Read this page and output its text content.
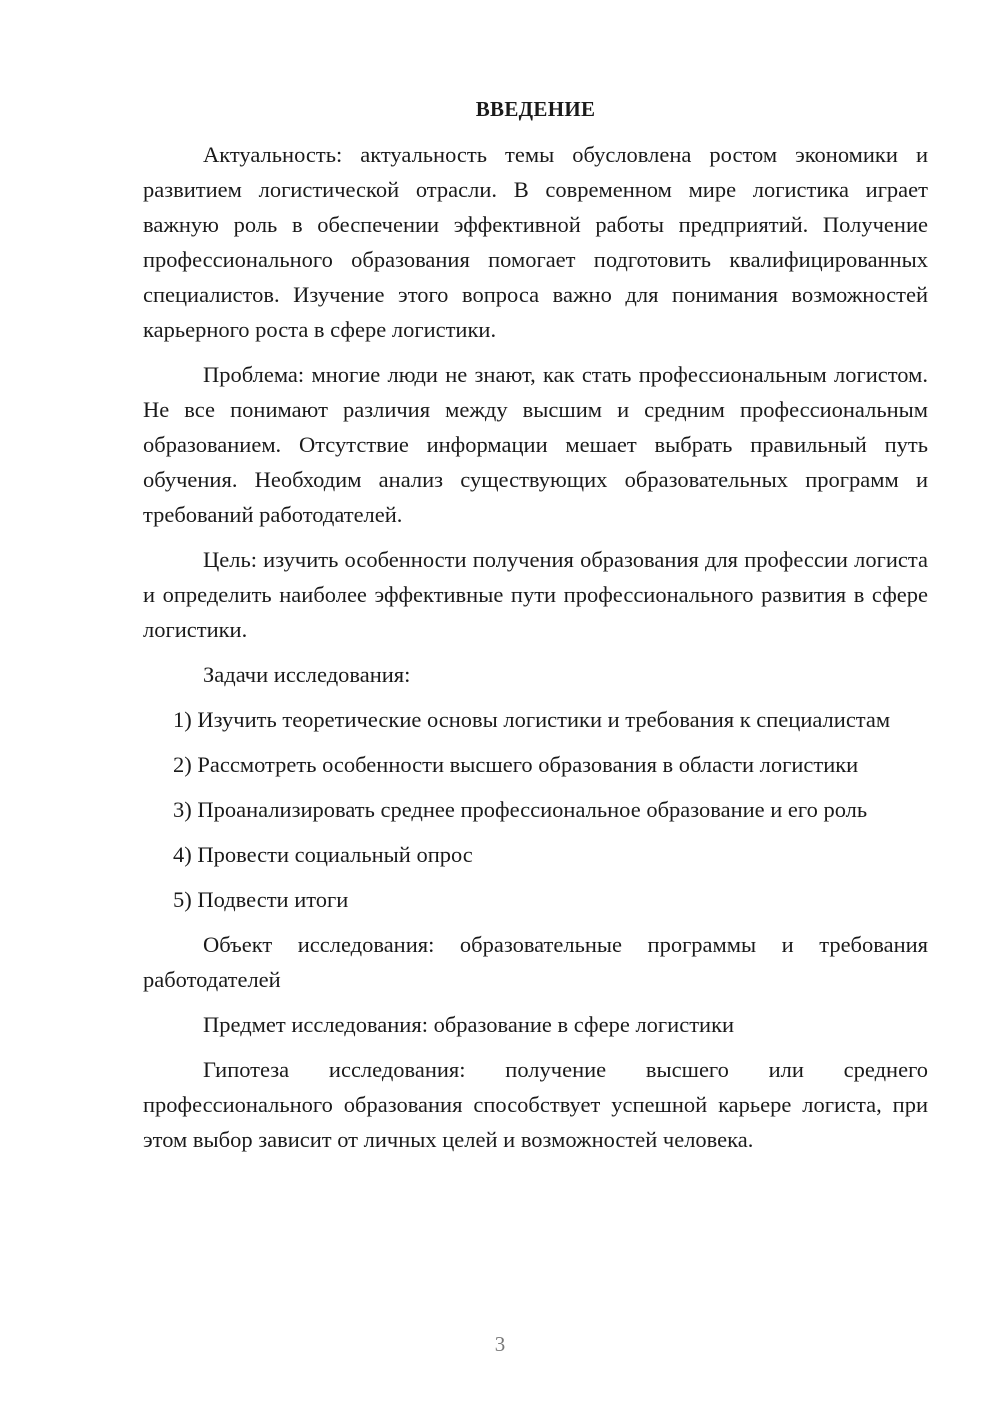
ВВЕДЕНИЕ

Актуальность: актуальность темы обусловлена ростом экономики и развитием логистической отрасли. В современном мире логистика играет важную роль в обеспечении эффективной работы предприятий. Получение профессионального образования помогает подготовить квалифицированных специалистов. Изучение этого вопроса важно для понимания возможностей карьерного роста в сфере логистики.

Проблема: многие люди не знают, как стать профессиональным логистом. Не все понимают различия между высшим и средним профессиональным образованием. Отсутствие информации мешает выбрать правильный путь обучения. Необходим анализ существующих образовательных программ и требований работодателей.

Цель: изучить особенности получения образования для профессии логиста и определить наиболее эффективные пути профессионального развития в сфере логистики.

Задачи исследования:

1) Изучить теоретические основы логистики и требования к специалистам

2) Рассмотреть особенности высшего образования в области логистики

3) Проанализировать среднее профессиональное образование и его роль

4) Провести социальный опрос

5) Подвести итоги

Объект исследования: образовательные программы и требования работодателей

Предмет исследования: образование в сфере логистики

Гипотеза исследования: получение высшего или среднего профессионального образования способствует успешной карьере логиста, при этом выбор зависит от личных целей и возможностей человека.

3
